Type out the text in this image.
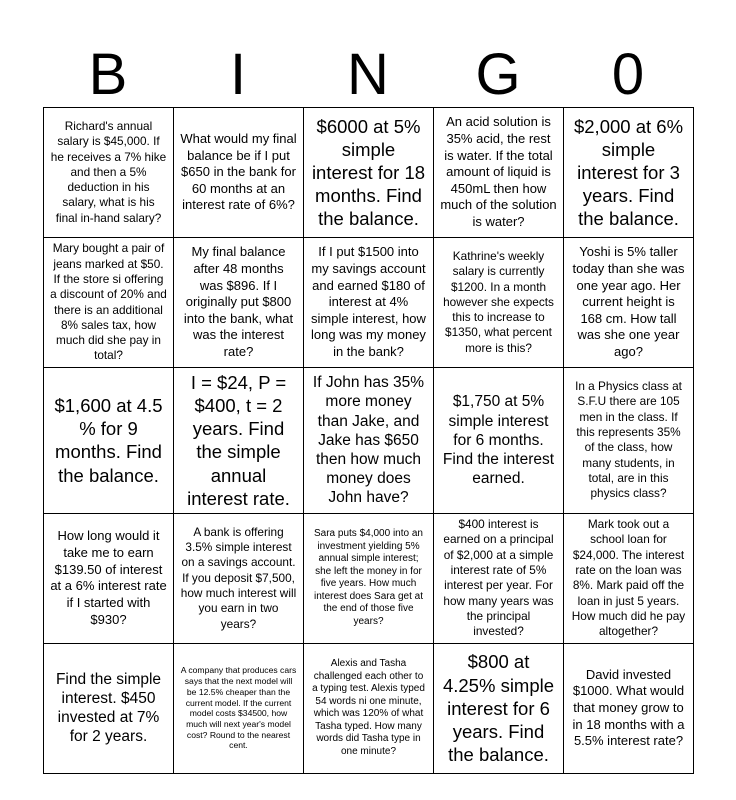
B	I	N	G	0
Richard's annual salary is $45,000. If he receives a 7% hike and then a 5% deduction in his salary, what is his final in-hand salary?	What would my final balance be if I put $650 in the bank for 60 months at an interest rate of 6%?	$6000 at 5% simple interest for 18 months. Find the balance.	An acid solution is 35% acid, the rest is water. If the total amount of liquid is 450mL then how much of the solution is water?	$2,000 at 6% simple interest for 3 years. Find the balance.
Mary bought a pair of jeans marked at $50. If the store si offering a discount of 20% and there is an additional 8% sales tax, how much did she pay in total?	My final balance after 48 months was $896. If I originally put $800 into the bank, what was the interest rate?	If I put $1500 into my savings account and earned $180 of interest at 4% simple interest, how long was my money in the bank?	Kathrine's weekly salary is currently $1200. In a month however she expects this to increase to $1350, what percent more is this?	Yoshi is 5% taller today than she was one year ago. Her current height is 168 cm. How tall was she one year ago?
$1,600 at 4.5 % for 9 months. Find the balance.	I = $24, P = $400, t = 2 years. Find the simple annual interest rate.	If John has 35% more money than Jake, and Jake has $650 then how much money does John have?	$1,750 at 5% simple interest for 6 months. Find the interest earned.	In a Physics class at S.F.U there are 105 men in the class. If this represents 35% of the class, how many students, in total, are in this physics class?
How long would it take me to earn $139.50 of interest at a 6% interest rate if I started with $930?	A bank is offering 3.5% simple interest on a savings account. If you deposit $7,500, how much interest will you earn in two years?	Sara puts $4,000 into an investment yielding 5% annual simple interest; she left the money in for five years. How much interest does Sara get at the end of those five years?	$400 interest is earned on a principal of $2,000 at a simple interest rate of 5% interest per year. For how many years was the principal invested?	Mark took out a school loan for $24,000. The interest rate on the loan was 8%. Mark paid off the loan in just 5 years. How much did he pay altogether?
Find the simple interest. $450 invested at 7% for 2 years.	A company that produces cars says that the next model will be 12.5% cheaper than the current model. If the current model costs $34500, how much will next year's model cost? Round to the nearest cent.	Alexis and Tasha challenged each other to a typing test. Alexis typed 54 words ni one minute, which was 120% of what Tasha typed. How many words did Tasha type in one minute?	$800 at 4.25% simple interest for 6 years. Find the balance.	David invested $1000. What would that money grow to in 18 months with a 5.5% interest rate?
